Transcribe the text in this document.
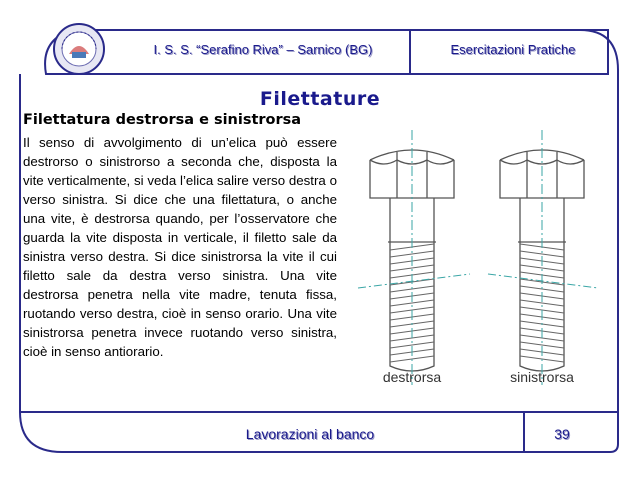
I. S. S. “Serafino Riva” – Sarnico (BG)	Esercitazioni Pratiche
Filettature
Filettatura destrorsa e sinistrorsa
Il senso di avvolgimento di un’elica può essere destrorso o sinistrorso a seconda che, disposta la vite verticalmente, si veda l’elica salire verso destra o verso sinistra. Si dice che una filettatura, o anche una vite, è destrorsa quando, per l’osservatore che guarda la vite disposta in verticale, il filetto sale da sinistra verso destra. Si dice sinistrorsa la vite il cui filetto sale da destra verso sinistra. Una vite destrorsa penetra nella vite madre, tenuta fissa, ruotando verso destra, cioè in senso orario. Una vite sinistrorsa penetra invece ruotando verso sinistra, cioè in senso antiorario.
destrorsa	sinistrorsa
Lavorazioni al banco	39
